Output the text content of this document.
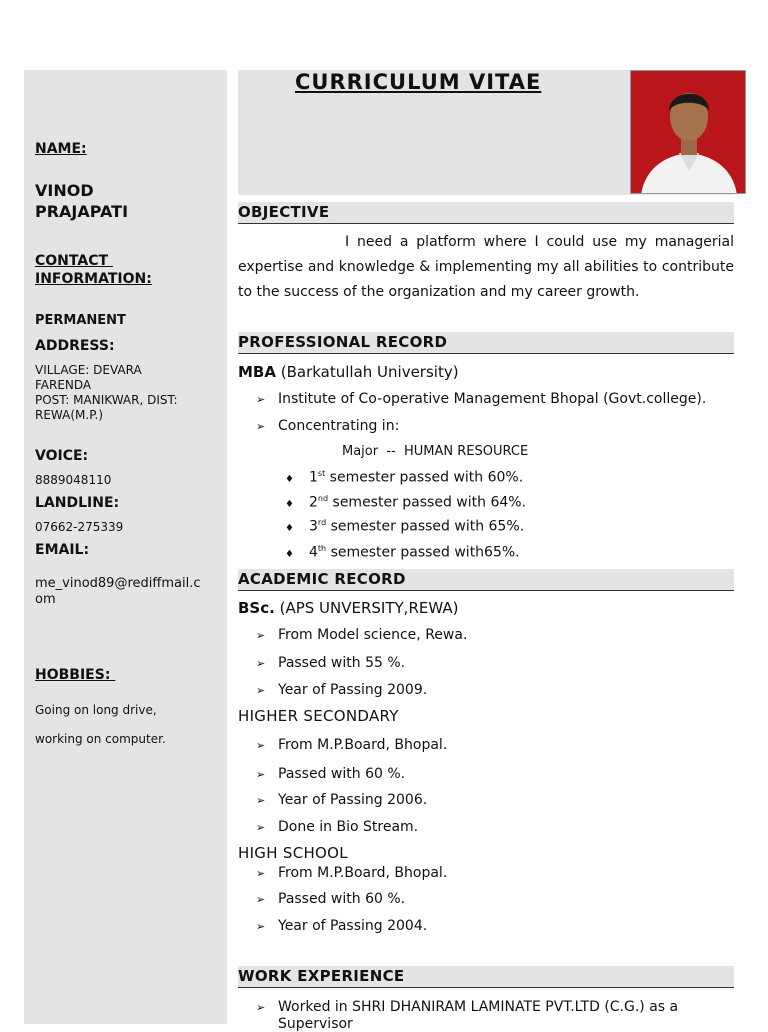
CURRICULUM VITAE
NAME:
VINOD
PRAJAPATI
CONTACT
INFORMATION:
PERMANENT
ADDRESS:
VILLAGE: DEVARA
FARENDA
POST: MANIKWAR, DIST:
REWA(M.P.)
VOICE:
8889048110
LANDLINE:
07662-275339
EMAIL:
me_vinod89@rediffmail.c
om
HOBBIES:
Going on long drive,
working on computer.
OBJECTIVE
I need a platform where I could use my managerial expertise and knowledge & implementing my all abilities to contribute to the success of the organization and my career growth.
PROFESSIONAL RECORD
MBA (Barkatullah University)
➢ Institute of Co-operative Management Bhopal (Govt.college).
➢ Concentrating in:
Major  --  HUMAN RESOURCE
♦ 1st semester passed with 60%.
♦ 2nd semester passed with 64%.
♦ 3rd semester passed with 65%.
♦ 4th semester passed with65%.
ACADEMIC RECORD
BSc. (APS UNVERSITY,REWA)
➢ From Model science, Rewa.
➢ Passed with 55 %.
➢ Year of Passing 2009.
HIGHER SECONDARY
➢ From M.P.Board, Bhopal.
➢ Passed with 60 %.
➢ Year of Passing 2006.
➢ Done in Bio Stream.
HIGH SCHOOL
➢ From M.P.Board, Bhopal.
➢ Passed with 60 %.
➢ Year of Passing 2004.
WORK EXPERIENCE
➢ Worked in SHRI DHANIRAM LAMINATE PVT.LTD (C.G.) as a
Supervisor
